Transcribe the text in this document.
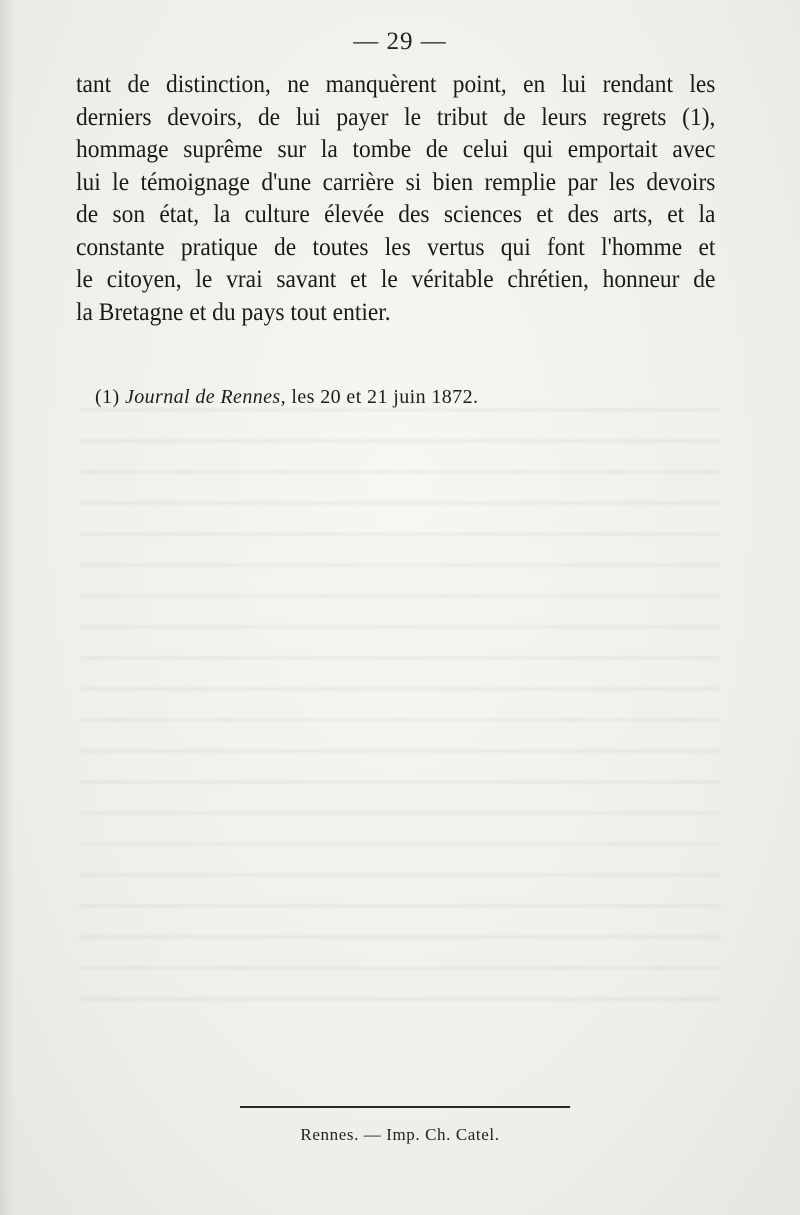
— 29 —
tant de distinction, ne manquèrent point, en lui rendant les
derniers devoirs, de lui payer le tribut de leurs regrets (1),
hommage suprême sur la tombe de celui qui emportait avec
lui le témoignage d'une carrière si bien remplie par les devoirs
de son état, la culture élevée des sciences et des arts, et la
constante pratique de toutes les vertus qui font l'homme et
le citoyen, le vrai savant et le véritable chrétien, honneur de
la Bretagne et du pays tout entier.
(1) Journal de Rennes, les 20 et 21 juin 1872.
Rennes. — Imp. Ch. Catel.
